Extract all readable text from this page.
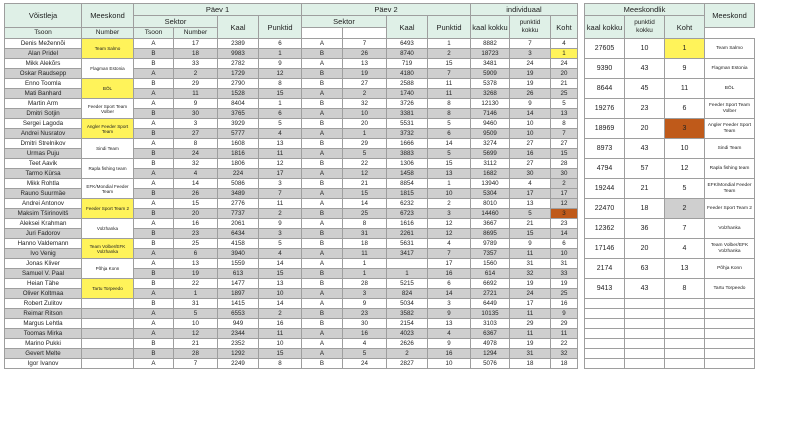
Võistleja	Meeskond	Päev 1				Päev 2				individuaal				Meeskondlik			Meeskond
		Sektor		Kaal	Punktid	Sektor		Kaal	Punktid	kaal kokku	punktid kokku	Koht		kaal kokku	punktid kokku	Koht	
Tsoon	Number	Tsoon	Number														
Denis Mežennõi	Team Salmo	A	17	2389	6	A	7	6493	1	8882	7	4		27605	10	1	Team Salmo
Alan Pridel		B	18	9983	1	B	26	8740	2	18723	3	1					
Mikk Alekõrs	Flagman Estonia	B	33	2782	9	A	13	719	15	3481	24	24		9390	43	9	Flagman Estonia
Oskar Raudsepp		A	2	1729	12	B	19	4180	7	5909	19	20					
Enno Toomla	BÕL	B	29	2790	8	B	27	2588	11	5378	19	21		8644	45	11	BÕL
Mati Banhard		A	11	1528	15	A	2	1740	11	3268	26	25					
Martin Arm	Feeder Sport Team Volber	A	9	8404	1	B	32	3726	8	12130	9	5		19276	23	6	Feeder Sport Team Volber
Dmitri Sotjin		B	30	3765	6	A	10	3381	8	7146	14	13					
Sergei Lagoda	Angler Feeder Sport Team	A	3	3929	5	B	20	5531	5	9460	10	8		18969	20	3	Angler Feeder Sport Team
Andrei Nusratov		B	27	5777	4	A	1	3732	6	9509	10	7					
Dmitri Strelnikov	Sindi Team	A	8	1608	13	B	29	1666	14	3274	27	27		8973	43	10	Sindi Team
Urmas Puju		B	24	1816	11	A	5	3883	5	5699	16	15					
Teet Aavik	Rapla fishing team	B	32	1806	12	B	22	1306	15	3112	27	28		4794	57	12	Rapla fishing team
Tarmo Kürsa		A	4	224	17	A	12	1458	13	1682	30	30					
Mikk Rohtla	EFK/Mondial Feeder Team	A	14	5086	3	B	21	8854	1	13940	4	2		19244	21	5	EFK/Mondial Feeder Team
Rauno Suurmäe		B	26	3489	7	A	15	1815	10	5304	17	17					
Andrei Antonov	Feeder Sport Team 2	A	15	2776	11	A	14	6232	2	8010	13	12		22470	18	2	Feeder Sport Team 2
Maksim Tširinovitš		B	20	7737	2	B	25	6723	3	14460	5	3					
Aleksei Krahman	Volzhanka	A	16	2061	9	A	8	1616	12	3667	21	23		12362	36	7	Volzhanka
Juri Fadorov		B	23	6434	3	B	31	2261	12	8695	15	14					
Hanno Valdemann	Team Volber/EFK Volzhanka	B	25	4158	5	B	18	5631	4	9789	9	6		17146	20	4	Team Volber/EFK Volzhanka
Ivo Venig		A	6	3940	4	A	11	3417	7	7357	11	10					
Jonas Kliver	Põhja Konn	A	13	1559	14	A	1		17	1560	31	31		2174	63	13	Põhja Konn
Samuel V. Paal		B	19	613	15	B	1	1	16	614	32	33					
Heian Tähe	Tartu Torpeedo	B	22	1477	13	B	28	5215	6	6692	19	19		9413	43	8	Tartu Torpeedo
Oliver Koltmaa		A	1	1897	10	A	3	824	14	2721	24	25					
Robert Zulitov		B	31	1415	14	A	9	5034	3	6449	17	16					
Reimar Ritson		A	5	6553	2	B	23	3582	9	10135	11	9					
Margus Lehtla		A	10	949	16	B	30	2154	13	3103	29	29					
Toomas Mirka		A	12	2344	11	A	16	4023	4	6367	11	11					
Marino Pukki		B	21	2352	10	A	4	2626	9	4978	19	22					
Gevert Melte		B	28	1292	15	A	5	2	16	1294	31	32					
Igor Ivanov		A	7	2249	8	B	24	2827	10	5076	18	18					
